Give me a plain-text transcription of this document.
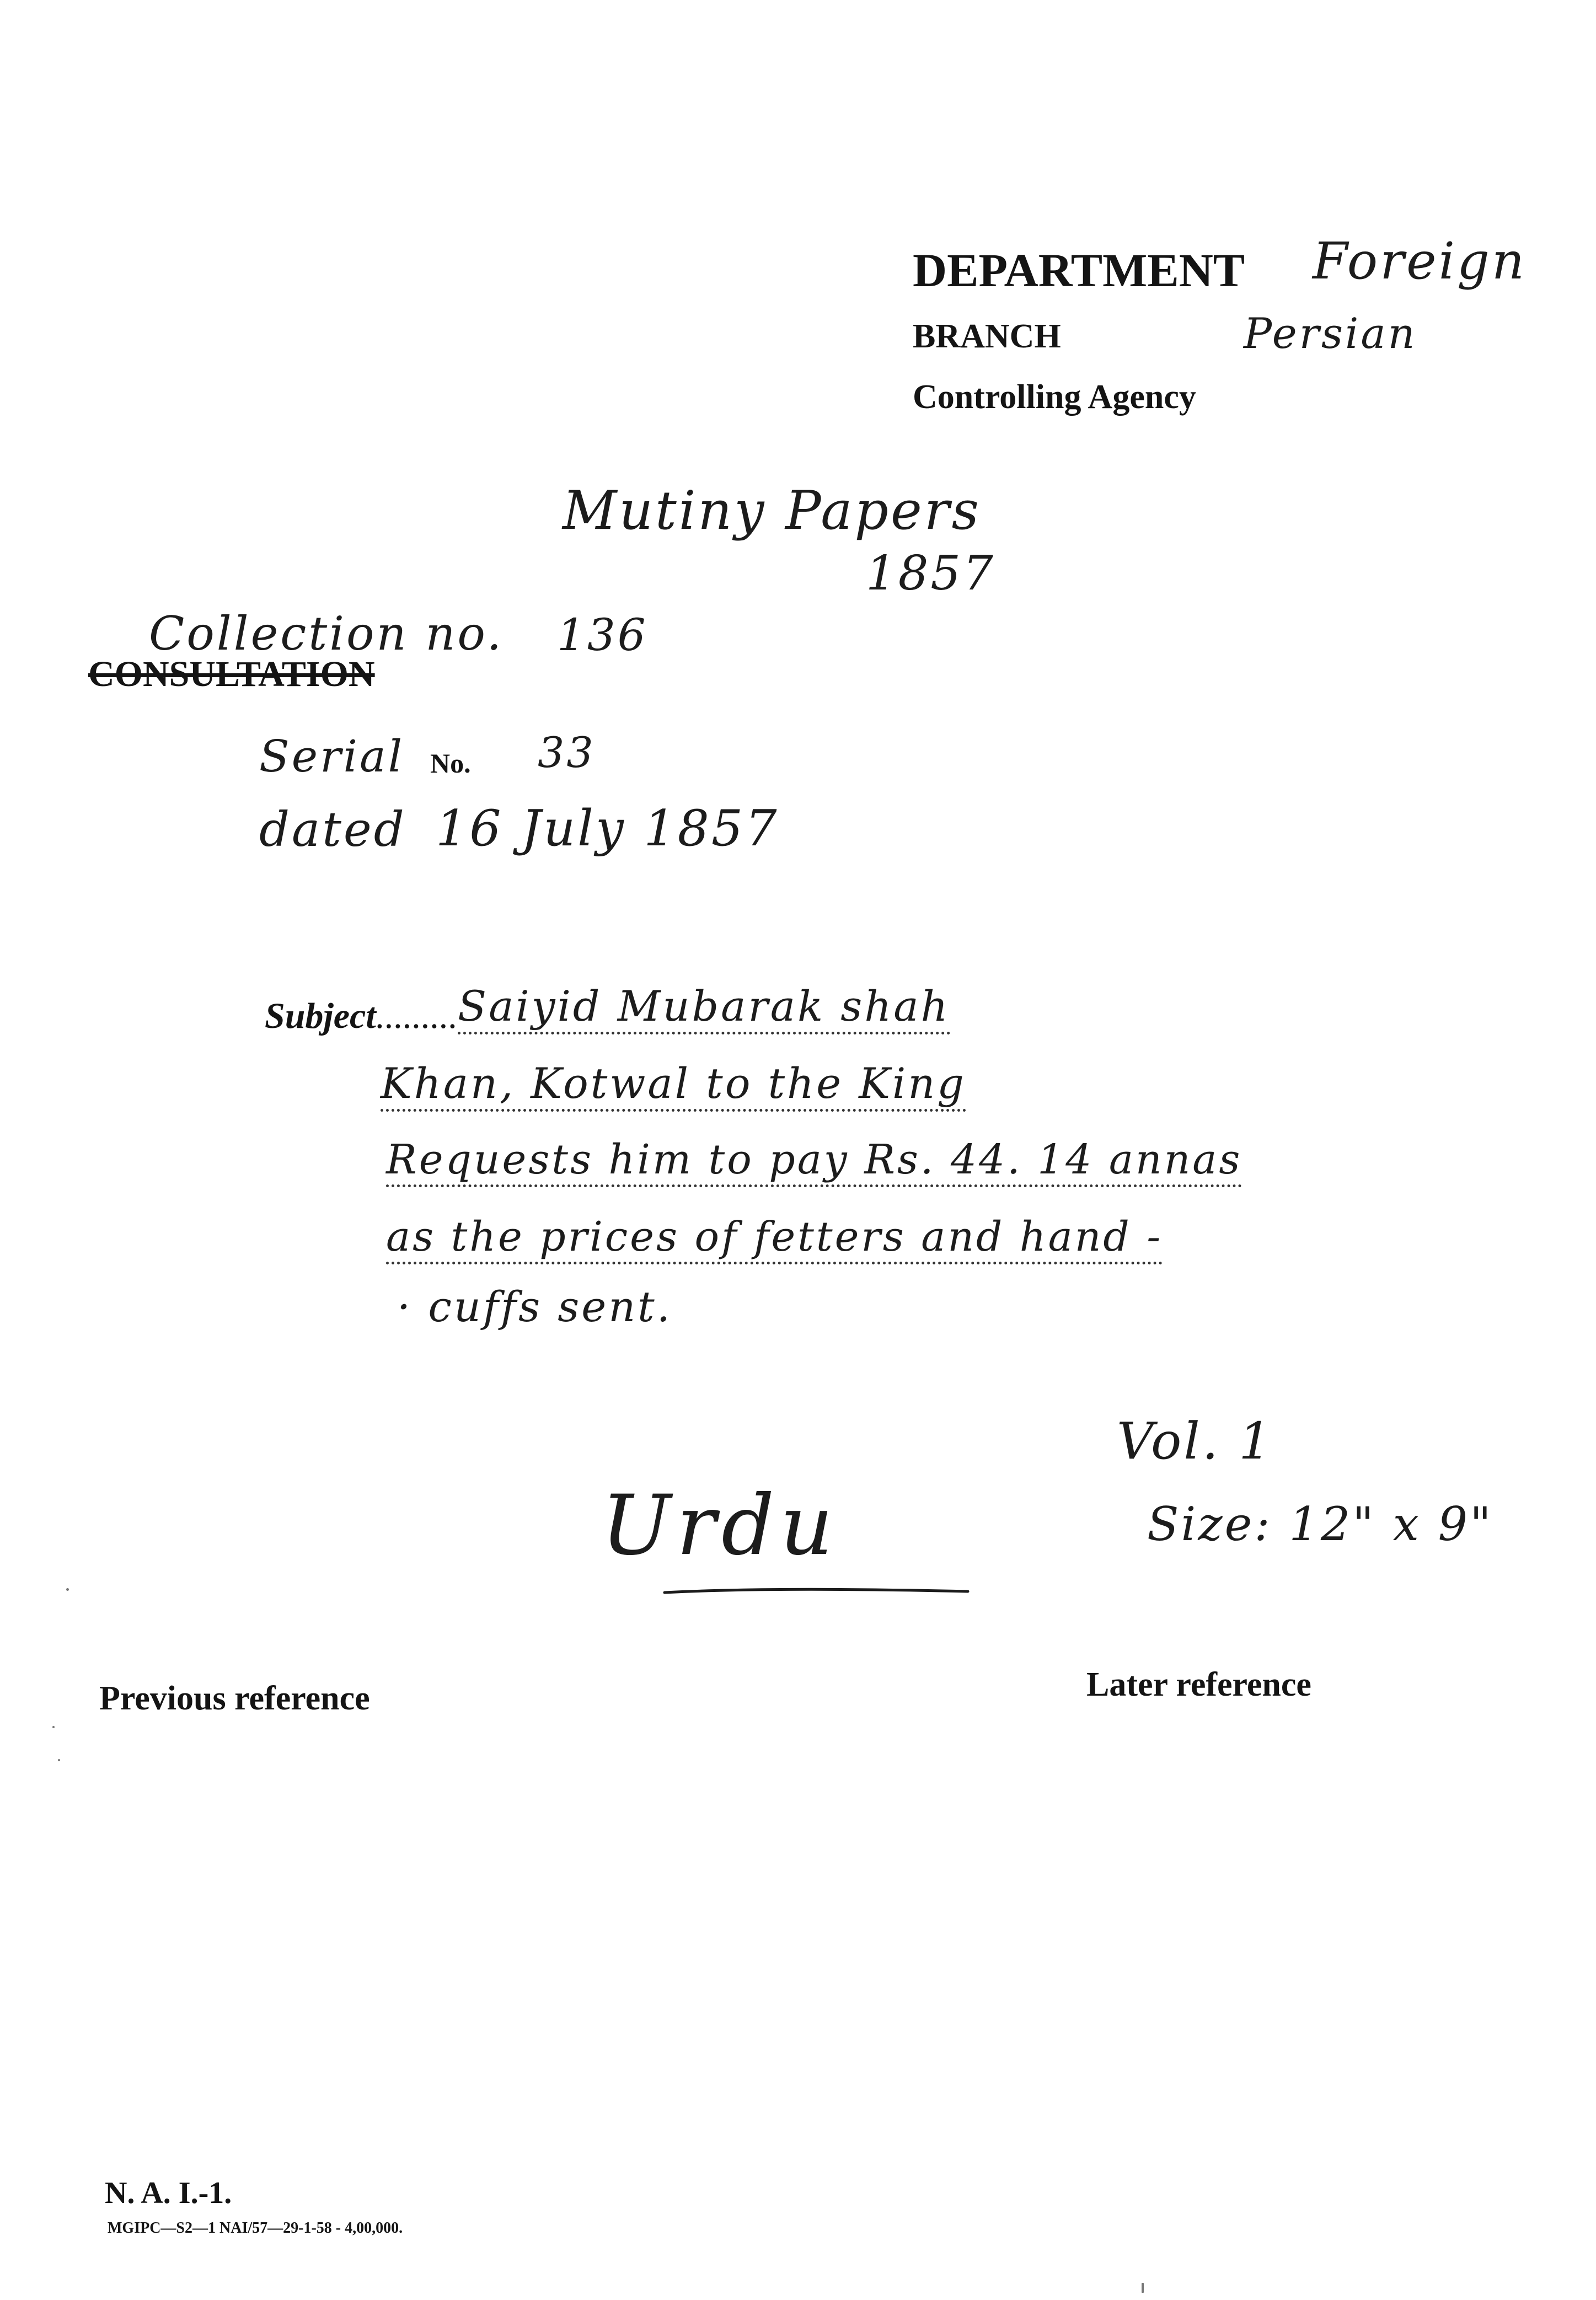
DEPARTMENT Foreign
BRANCH	Persian
Controlling Agency
Mutiny Papers
1857
Collection no. 136
CONSULTATION
Serial No. 33
dated 16 July 1857
Subject......... Saiyid Mubarak shah
Khan, Kotwal to the King
Requests him to pay Rs. 44. 14 annas
as the prices of fetters and hand -
· cuffs sent.
Vol. 1
Size: 12" x 9"
Urdu
Previous reference	Later reference
N. A. I.-1.
MGIPC—S2—1 NAI/57—29-1-58 - 4,00,000.
